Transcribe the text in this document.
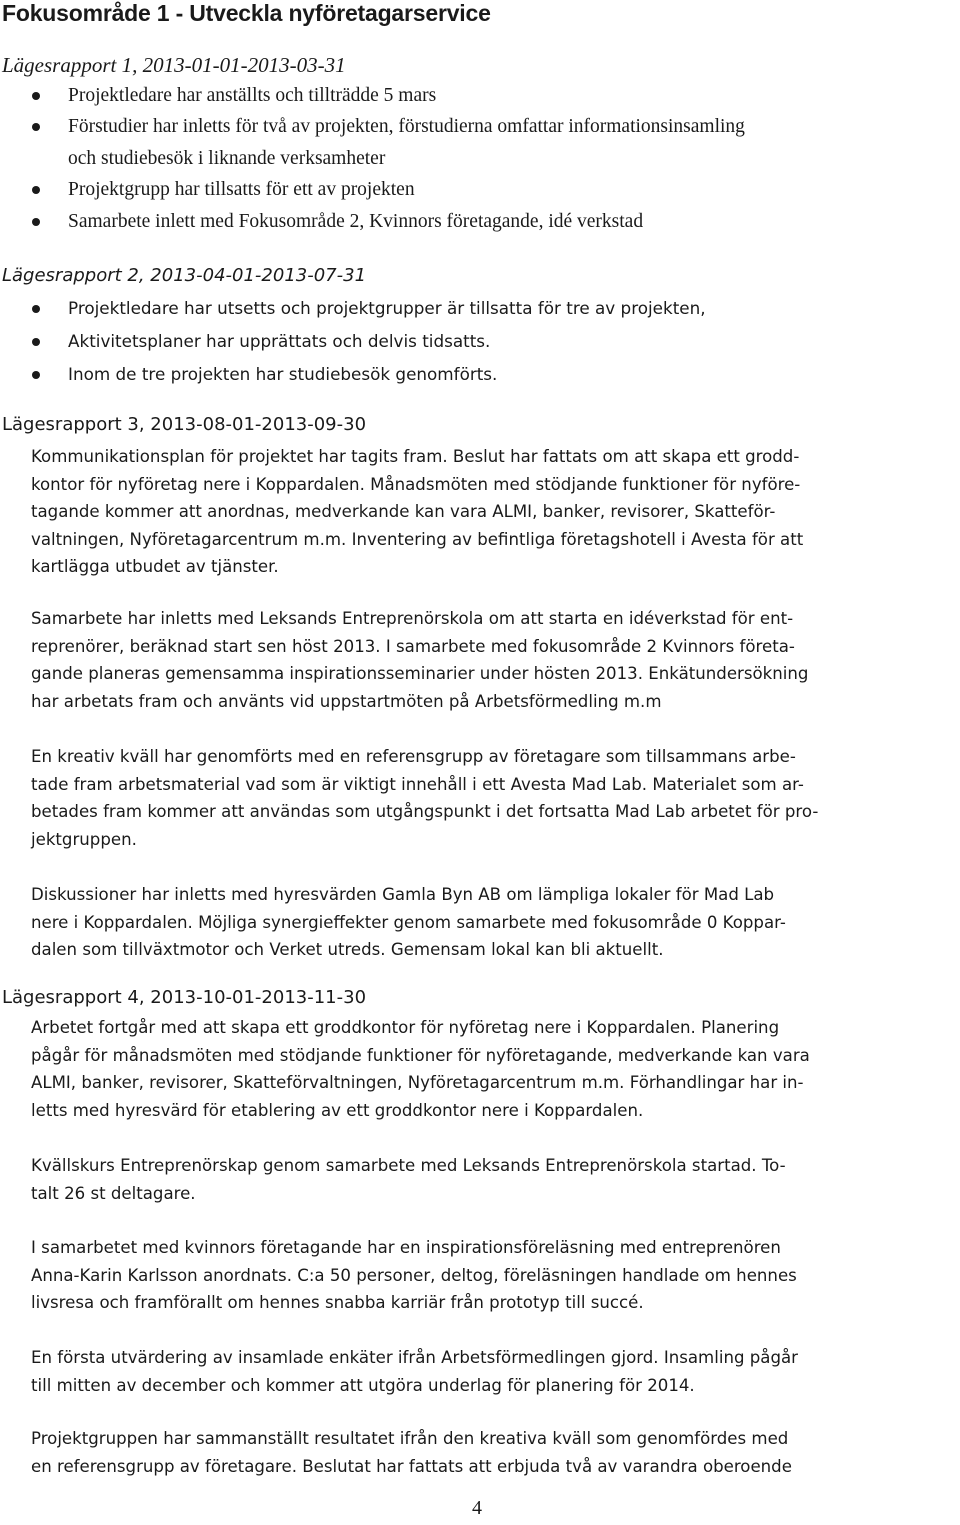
Fokusområde 1 - Utveckla nyföretagarservice
Lägesrapport 1, 2013-01-01-2013-03-31
Projektledare har anställts och tillträdde 5 mars
Förstudier har inletts för två av projekten, förstudierna omfattar informationsinsamling
och studiebesök i liknande verksamheter
Projektgrupp har tillsatts för ett av projekten
Samarbete inlett med Fokusområde 2, Kvinnors företagande, idé verkstad
Lägesrapport 2, 2013-04-01-2013-07-31
Projektledare har utsetts och projektgrupper är tillsatta för tre av projekten,
Aktivitetsplaner har upprättats och delvis tidsatts.
Inom de tre projekten har studiebesök genomförts.
Lägesrapport 3, 2013-08-01-2013-09-30

Kommunikationsplan för projektet har tagits fram. Beslut har fattats om att skapa ett grodd-
kontor för nyföretag nere i Koppardalen. Månadsmöten med stödjande funktioner för nyföre-
tagande kommer att anordnas, medverkande kan vara ALMI, banker, revisorer, Skatteför-
valtningen, Nyföretagarcentrum m.m. Inventering av befintliga företagshotell i Avesta för att
kartlägga utbudet av tjänster.

Samarbete har inletts med Leksands Entreprenörskola om att starta en idéverkstad för ent-
reprenörer, beräknad start sen höst 2013. I samarbete med fokusområde 2 Kvinnors företa-
gande planeras gemensamma inspirationsseminarier under hösten 2013. Enkätundersökning
har arbetats fram och använts vid uppstartmöten på Arbetsförmedling m.m

En kreativ kväll har genomförts med en referensgrupp av företagare som tillsammans arbe-
tade fram arbetsmaterial vad som är viktigt innehåll i ett Avesta Mad Lab. Materialet som ar-
betades fram kommer att användas som utgångspunkt i det fortsatta Mad Lab arbetet för pro-
jektgruppen.

Diskussioner har inletts med hyresvärden Gamla Byn AB om lämpliga lokaler för Mad Lab
nere i Koppardalen. Möjliga synergieffekter genom samarbete med fokusområde 0 Koppar-
dalen som tillväxtmotor och Verket utreds. Gemensam lokal kan bli aktuellt.

Lägesrapport 4, 2013-10-01-2013-11-30

Arbetet fortgår med att skapa ett groddkontor för nyföretag nere i Koppardalen. Planering
pågår för månadsmöten med stödjande funktioner för nyföretagande, medverkande kan vara
ALMI, banker, revisorer, Skatteförvaltningen, Nyföretagarcentrum m.m. Förhandlingar har in-
letts med hyresvärd för etablering av ett groddkontor nere i Koppardalen.

Kvällskurs Entreprenörskap genom samarbete med Leksands Entreprenörskola startad. To-
talt 26 st deltagare.

I samarbetet med kvinnors företagande har en inspirationsföreläsning med entreprenören
Anna-Karin Karlsson anordnats. C:a 50 personer, deltog, föreläsningen handlade om hennes
livsresa och framförallt om hennes snabba karriär från prototyp till succé.

En första utvärdering av insamlade enkäter ifrån Arbetsförmedlingen gjord. Insamling pågår
till mitten av december och kommer att utgöra underlag för planering för 2014.

Projektgruppen har sammanställt resultatet ifrån den kreativa kväll som genomfördes med
en referensgrupp av företagare. Beslutat har fattats att erbjuda två av varandra oberoende

4
